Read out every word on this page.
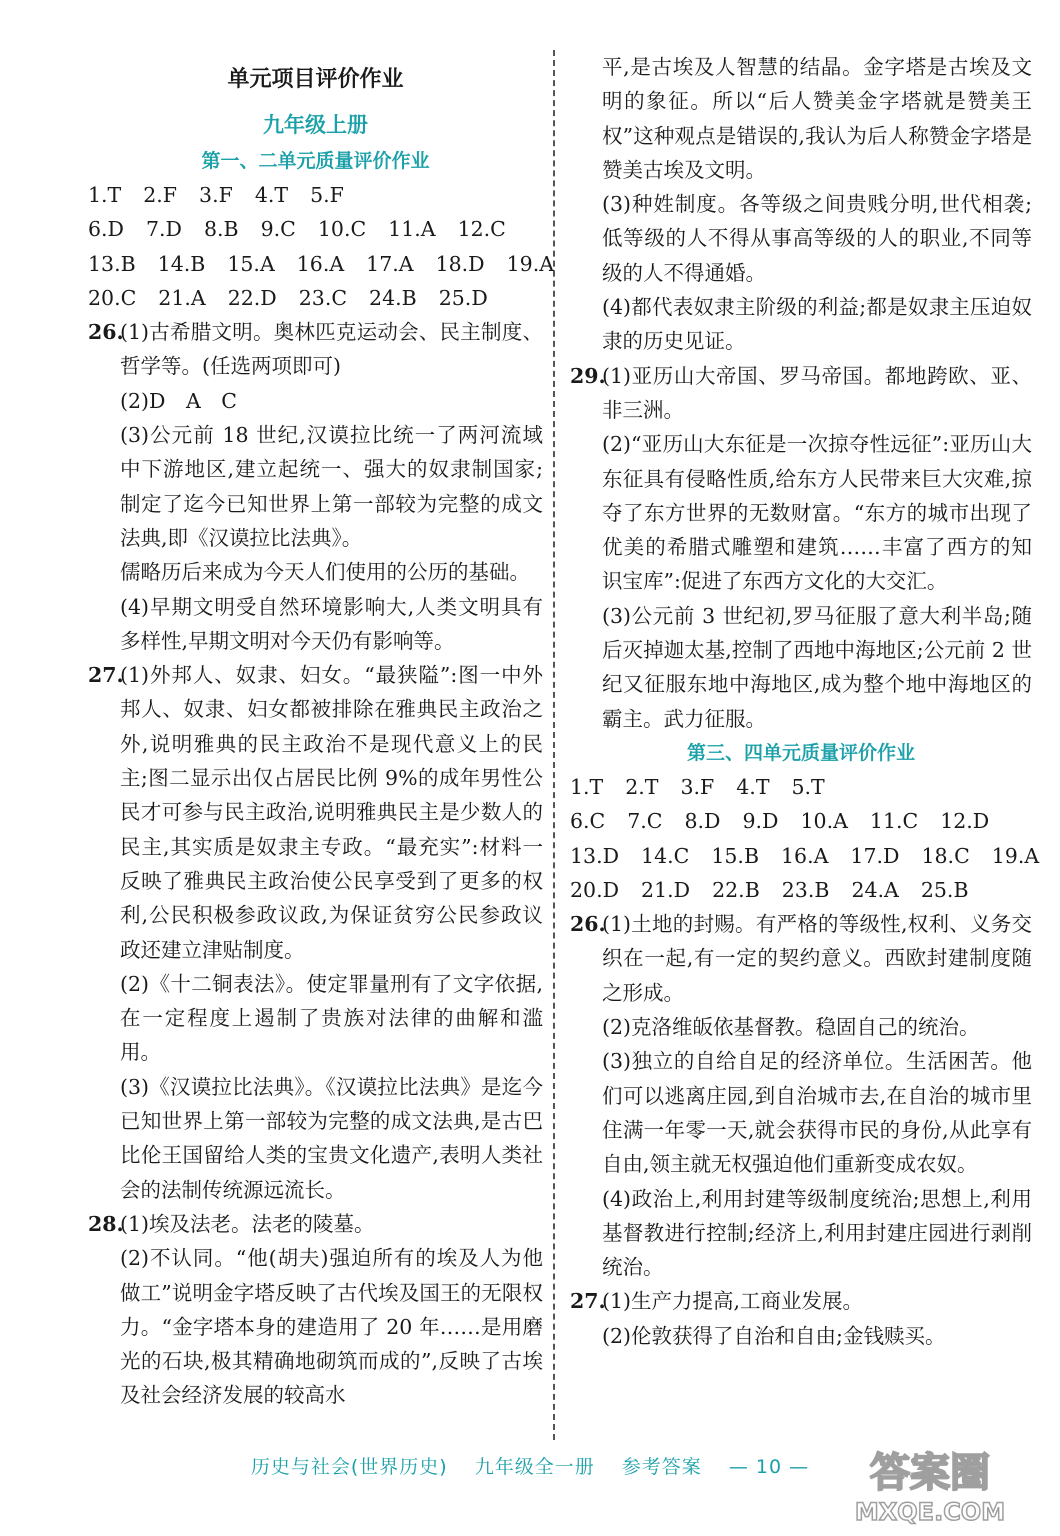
单元项目评价作业
九年级上册
第一、二单元质量评价作业
1.T 2.F 3.F 4.T 5.F
6.D 7.D 8.B 9.C 10.C 11.A 12.C
13.B 14.B 15.A 16.A 17.A 18.D 19.A
20.C 21.A 22.D 23.C 24.B 25.D
26.
(1)古希腊文明。奥林匹克运动会、民主制度、哲学等。(任选两项即可)
(2)D　A　C
(3)公元前 18 世纪,汉谟拉比统一了两河流域中下游地区,建立起统一、强大的奴隶制国家;制定了迄今已知世界上第一部较为完整的成文法典,即《汉谟拉比法典》。
儒略历后来成为今天人们使用的公历的基础。
(4)早期文明受自然环境影响大,人类文明具有多样性,早期文明对今天仍有影响等。
27.
(1)外邦人、奴隶、妇女。“最狭隘”:图一中外邦人、奴隶、妇女都被排除在雅典民主政治之外,说明雅典的民主政治不是现代意义上的民主;图二显示出仅占居民比例 9%的成年男性公民才可参与民主政治,说明雅典民主是少数人的民主,其实质是奴隶主专政。“最充实”:材料一反映了雅典民主政治使公民享受到了更多的权利,公民积极参政议政,为保证贫穷公民参政议政还建立津贴制度。
(2)《十二铜表法》。使定罪量刑有了文字依据,在一定程度上遏制了贵族对法律的曲解和滥用。
(3)《汉谟拉比法典》。《汉谟拉比法典》是迄今已知世界上第一部较为完整的成文法典,是古巴比伦王国留给人类的宝贵文化遗产,表明人类社会的法制传统源远流长。
28.
(1)埃及法老。法老的陵墓。
(2)不认同。“他(胡夫)强迫所有的埃及人为他做工”说明金字塔反映了古代埃及国王的无限权力。“金字塔本身的建造用了 20 年……是用磨光的石块,极其精确地砌筑而成的”,反映了古埃及社会经济发展的较高水
平,是古埃及人智慧的结晶。金字塔是古埃及文明的象征。所以“后人赞美金字塔就是赞美王权”这种观点是错误的,我认为后人称赞金字塔是赞美古埃及文明。
(3)种姓制度。各等级之间贵贱分明,世代相袭;低等级的人不得从事高等级的人的职业,不同等级的人不得通婚。
(4)都代表奴隶主阶级的利益;都是奴隶主压迫奴隶的历史见证。
29.
(1)亚历山大帝国、罗马帝国。都地跨欧、亚、非三洲。
(2)“亚历山大东征是一次掠夺性远征”:亚历山大东征具有侵略性质,给东方人民带来巨大灾难,掠夺了东方世界的无数财富。“东方的城市出现了优美的希腊式雕塑和建筑……丰富了西方的知识宝库”:促进了东西方文化的大交汇。
(3)公元前 3 世纪初,罗马征服了意大利半岛;随后灭掉迦太基,控制了西地中海地区;公元前 2 世纪又征服东地中海地区,成为整个地中海地区的霸主。武力征服。
第三、四单元质量评价作业
1.T 2.T 3.F 4.T 5.T
6.C 7.C 8.D 9.D 10.A 11.C 12.D
13.D 14.C 15.B 16.A 17.D 18.C 19.A
20.D 21.D 22.B 23.B 24.A 25.B
26.
(1)土地的封赐。有严格的等级性,权利、义务交织在一起,有一定的契约意义。西欧封建制度随之形成。
(2)克洛维皈依基督教。稳固自己的统治。
(3)独立的自给自足的经济单位。生活困苦。他们可以逃离庄园,到自治城市去,在自治的城市里住满一年零一天,就会获得市民的身份,从此享有自由,领主就无权强迫他们重新变成农奴。
(4)政治上,利用封建等级制度统治;思想上,利用基督教进行控制;经济上,利用封建庄园进行剥削统治。
27.
(1)生产力提高,工商业发展。
(2)伦敦获得了自治和自由;金钱赎买。
历史与社会(世界历史) 九年级全一册 参考答案 — 10 —	答案圈
MXQE.COM
